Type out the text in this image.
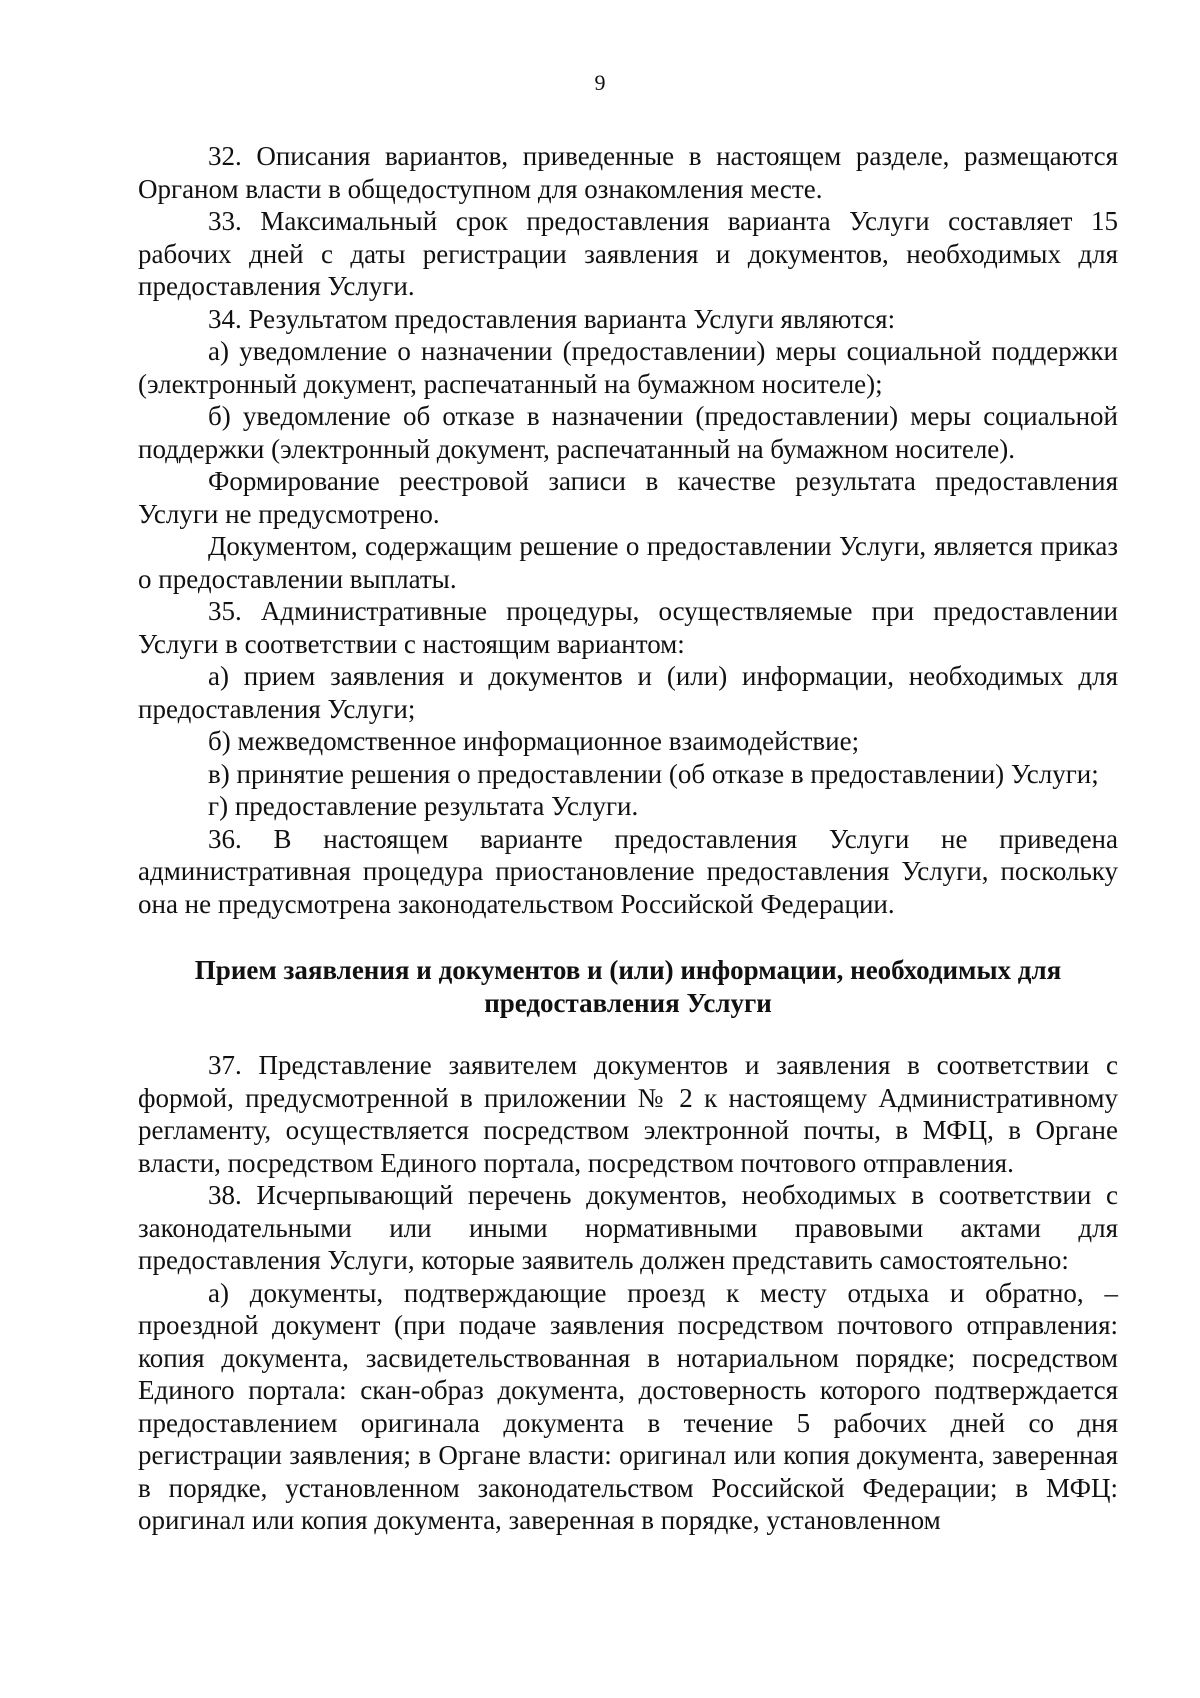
9

32. Описания вариантов, приведенные в настоящем разделе, размещаются Органом власти в общедоступном для ознакомления месте.

33. Максимальный срок предоставления варианта Услуги составляет 15 рабочих дней с даты регистрации заявления и документов, необходимых для предоставления Услуги.

34. Результатом предоставления варианта Услуги являются:

а) уведомление о назначении (предоставлении) меры социальной поддержки (электронный документ, распечатанный на бумажном носителе);

б) уведомление об отказе в назначении (предоставлении) меры социальной поддержки (электронный документ, распечатанный на бумажном носителе).

Формирование реестровой записи в качестве результата предоставления Услуги не предусмотрено.

Документом, содержащим решение о предоставлении Услуги, является приказ о предоставлении выплаты.

35. Административные процедуры, осуществляемые при предоставлении Услуги в соответствии с настоящим вариантом:

а) прием заявления и документов и (или) информации, необходимых для предоставления Услуги;

б) межведомственное информационное взаимодействие;

в) принятие решения о предоставлении (об отказе в предоставлении) Услуги;

г) предоставление результата Услуги.

36. В настоящем варианте предоставления Услуги не приведена административная процедура приостановление предоставления Услуги, поскольку она не предусмотрена законодательством Российской Федерации.

Прием заявления и документов и (или) информации, необходимых для
предоставления Услуги

37. Представление заявителем документов и заявления в соответствии с формой, предусмотренной в приложении № 2 к настоящему Административному регламенту, осуществляется посредством электронной почты, в МФЦ, в Органе власти, посредством Единого портала, посредством почтового отправления.

38. Исчерпывающий перечень документов, необходимых в соответствии с законодательными или иными нормативными правовыми актами для предоставления Услуги, которые заявитель должен представить самостоятельно:

а) документы, подтверждающие проезд к месту отдыха и обратно, – проездной документ (при подаче заявления посредством почтового отправления: копия документа, засвидетельствованная в нотариальном порядке; посредством Единого портала: скан-образ документа, достоверность которого подтверждается предоставлением оригинала документа в течение 5 рабочих дней со дня регистрации заявления; в Органе власти: оригинал или копия документа, заверенная в порядке, установленном законодательством Российской Федерации; в МФЦ: оригинал или копия документа, заверенная в порядке, установленном
